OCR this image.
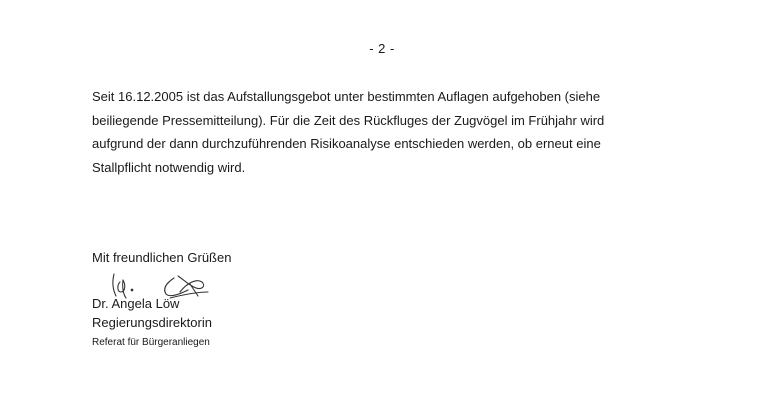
- 2 -
Seit 16.12.2005 ist das Aufstallungsgebot unter bestimmten Auflagen aufgehoben (siehe
beiliegende Pressemitteilung). Für die Zeit des Rückfluges der Zugvögel im Frühjahr wird
aufgrund der dann durchzuführenden Risikoanalyse entschieden werden, ob erneut eine
Stallpflicht notwendig wird.
Mit freundlichen Grüßen
Dr. Angela Löw
Regierungsdirektorin
Referat für Bürgeranliegen
